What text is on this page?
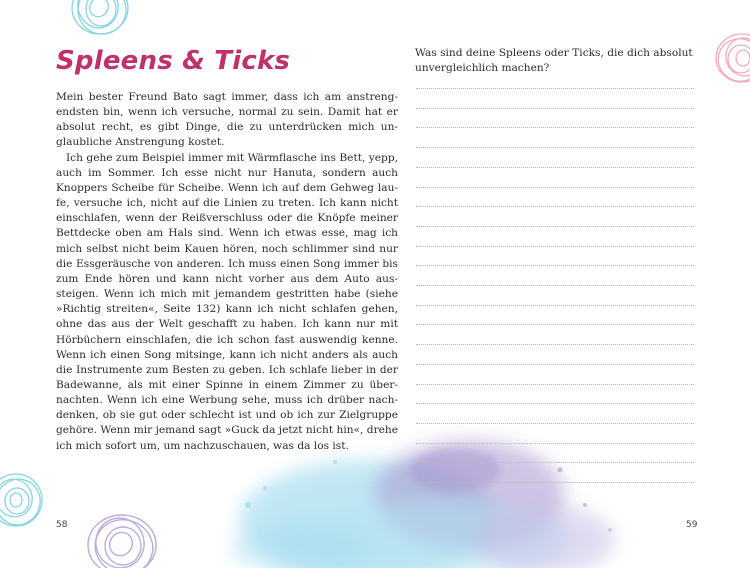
Spleens & Ticks

Mein bester Freund Bato sagt immer, dass ich am anstrengendsten bin, wenn ich versuche, normal zu sein. Damit hat er absolut recht, es gibt Dinge, die zu unterdrücken mich unglaubliche Anstrengung kostet.

Ich gehe zum Beispiel immer mit Wärmflasche ins Bett, yepp, auch im Sommer. Ich esse nicht nur Hanuta, sondern auch Knoppers Scheibe für Scheibe. Wenn ich auf dem Gehweg laufe, versuche ich, nicht auf die Linien zu treten. Ich kann nicht einschlafen, wenn der Reißverschluss oder die Knöpfe meiner Bettdecke oben am Hals sind. Wenn ich etwas esse, mag ich mich selbst nicht beim Kauen hören, noch schlimmer sind nur die Essgeräusche von anderen. Ich muss einen Song immer bis zum Ende hören und kann nicht vorher aus dem Auto aussteigen. Wenn ich mich mit jemandem gestritten habe (siehe »Richtig streiten«, Seite 132) kann ich nicht schlafen gehen, ohne das aus der Welt geschafft zu haben. Ich kann nur mit Hörbüchern einschlafen, die ich schon fast auswendig kenne. Wenn ich einen Song mitsinge, kann ich nicht anders als auch die Instrumente zum Besten zu geben. Ich schlafe lieber in der Badewanne, als mit einer Spinne in einem Zimmer zu übernachten. Wenn ich eine Werbung sehe, muss ich drüber nachdenken, ob sie gut oder schlecht ist und ob ich zur Zielgruppe gehöre. Wenn mir jemand sagt »Guck da jetzt nicht hin«, drehe ich mich sofort um, um nachzuschauen, was da los ist.

58
Was sind deine Spleens oder Ticks, die dich absolut unvergleichlich machen?
59
